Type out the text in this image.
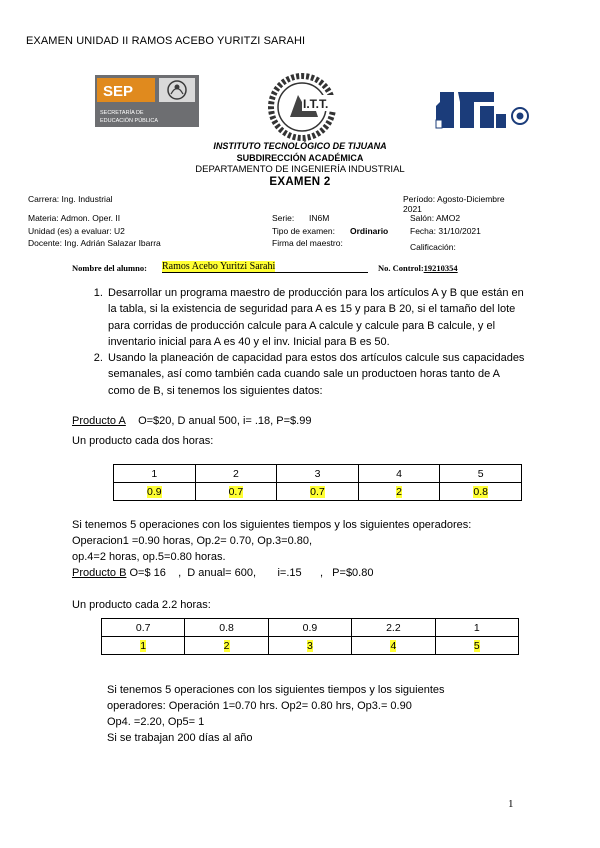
EXAMEN UNIDAD II RAMOS ACEBO YURITZI SARAHI
SEP
SECRETARÍA DE
EDUCACIÓN PÚBLICA
I.T.T.
INSTITUTO TECNOLÓGICO DE TIJUANA
SUBDIRECCIÓN ACADÉMICA
DEPARTAMENTO DE INGENIERÍA INDUSTRIAL
EXAMEN 2
Carrera: Ing. Industrial	Período: Agosto-Diciembre
2021
Materia: Admon. Oper. II	Serie: IN6M	Salón: AMO2
Unidad (es) a evaluar: U2	Tipo de examen: Ordinario	Fecha: 31/10/2021
Docente: Ing. Adrián Salazar Ibarra	Firma del maestro:	Calificación:
Nombre del alumno: Ramos Acebo Yuritzi Sarahi	No. Control:19210354
1. Desarrollar un programa maestro de producción para los artículos A y B que están en la tabla, si la existencia de seguridad para A es 15 y para B 20, si el tamaño del lote para corridas de producción calcule para A calcule y calcule para B calcule, y el inventario inicial para A es 40 y el inv. Inicial para B es 50.
2. Usando la planeación de capacidad para estos dos artículos calcule sus capacidades semanales, así como también cada cuando sale un productoen horas tanto de A como de B, si tenemos los siguientes datos:
Producto A O=$20, D anual 500, i= .18, P=$.99
Un producto cada dos horas:
1	2	3	4	5
0.9	0.7	0.7	2	0.8
Si tenemos 5 operaciones con los siguientes tiempos y los siguientes operadores:
Operacion1 =0.90 horas, Op.2= 0.70, Op.3=0.80,
op.4=2 horas, op.5=0.80 horas.
Producto B O=$ 16    ,  D anual= 600,       i=.15      ,   P=$0.80
Un producto cada 2.2 horas:
0.7	0.8	0.9	2.2	1
1	2	3	4	5
Si tenemos 5 operaciones con los siguientes tiempos y los siguientes
operadores: Operación 1=0.70 hrs. Op2= 0.80 hrs, Op3.= 0.90
Op4. =2.20, Op5= 1
Si se trabajan 200 días al año
1
